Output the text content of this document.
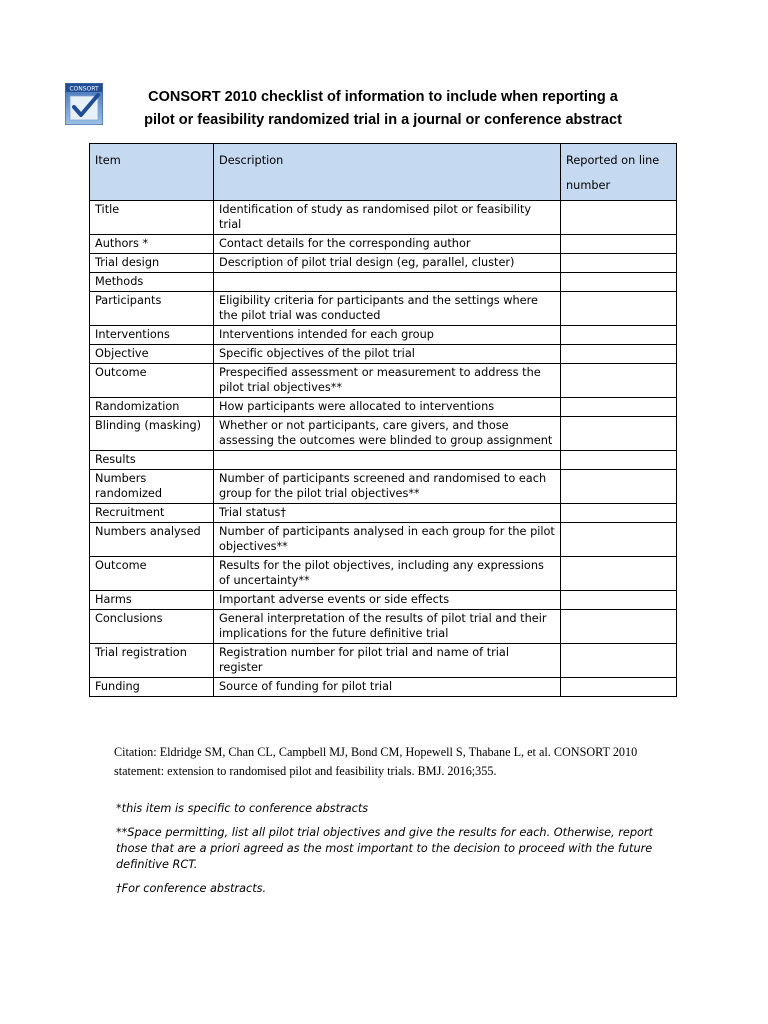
CONSORT	CONSORT 2010 checklist of information to include when reporting a
pilot or feasibility randomized trial in a journal or conference abstract
Item	Description	Reported on line number
Title	Identification of study as randomised pilot or feasibility trial	
Authors *	Contact details for the corresponding author	
Trial design	Description of pilot trial design (eg, parallel, cluster)	
Methods		
Participants	Eligibility criteria for participants and the settings where the pilot trial was conducted	
Interventions	Interventions intended for each group	
Objective	Specific objectives of the pilot trial	
Outcome	Prespecified assessment or measurement to address the pilot trial objectives**	
Randomization	How participants were allocated to interventions	
Blinding (masking)	Whether or not participants, care givers, and those assessing the outcomes were blinded to group assignment	
Results		
Numbers randomized	Number of participants screened and randomised to each group for the pilot trial objectives**	
Recruitment	Trial status†	
Numbers analysed	Number of participants analysed in each group for the pilot objectives**	
Outcome	Results for the pilot objectives, including any expressions of uncertainty**	
Harms	Important adverse events or side effects	
Conclusions	General interpretation of the results of pilot trial and their implications for the future definitive trial	
Trial registration	Registration number for pilot trial and name of trial register	
Funding	Source of funding for pilot trial	
Citation: Eldridge SM, Chan CL, Campbell MJ, Bond CM, Hopewell S, Thabane L, et al. CONSORT 2010 statement: extension to randomised pilot and feasibility trials. BMJ. 2016;355.

*this item is specific to conference abstracts

**Space permitting, list all pilot trial objectives and give the results for each. Otherwise, report those that are a priori agreed as the most important to the decision to proceed with the future
definitive RCT.

†For conference abstracts.
